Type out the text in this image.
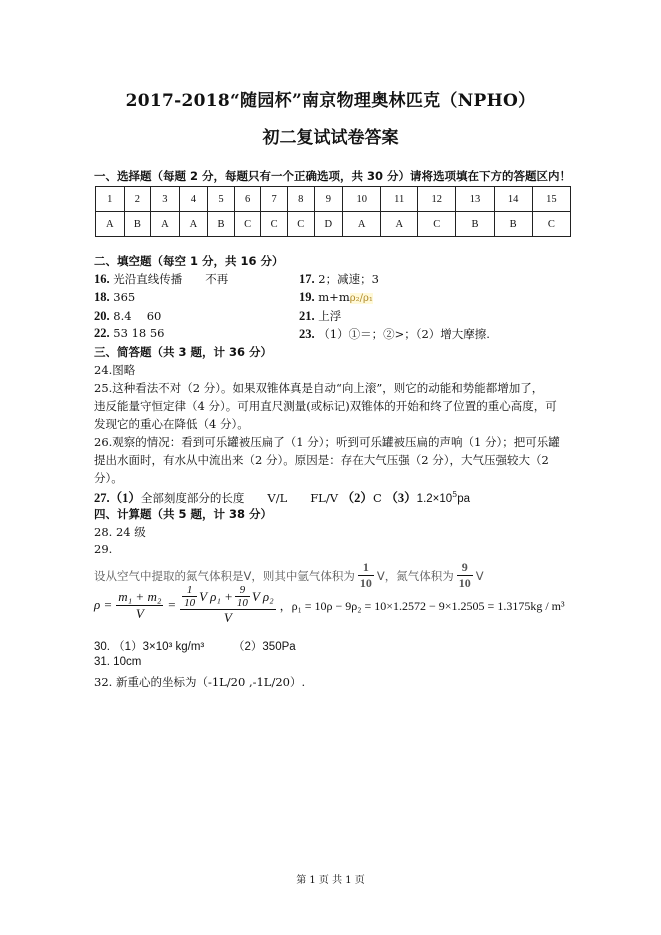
2017-2018“随园杯”南京物理奥林匹克（NPHO）
初二复试试卷答案
一、选择题（每题 2 分，每题只有一个正确选项，共 30 分）请将选项填在下方的答题区内！
1	2	3	4	5	6	7	8	9	10	11	12	13	14	15
A	B	A	A	B	C	C	C	D	A	A	C	B	B	C
二、填空题（每空 1 分，共 16 分）
16. 光沿直线传播　　不再	17. 2；减速；3
18. 365	19. m+mρ₂/ρ₁
20. 8.4　 60	21. 上浮
22. 53 18 56	23. （1）①＝；②>；（2）增大摩擦.
三、简答题（共 3 题，计 36 分）
24.图略
25.这种看法不对（2 分）。如果双锥体真是自动“向上滚”，则它的动能和势能都增加了，
违反能量守恒定律（4 分）。可用直尺测量(或标记)双锥体的开始和终了位置的重心高度，可
发现它的重心在降低（4 分）。
26.观察的情况：看到可乐罐被压扁了（1 分）；听到可乐罐被压扁的声响（1 分）；把可乐罐
提出水面时，有水从中流出来（2 分）。原因是：存在大气压强（2 分），大气压强较大（2
分）。
27.（1）全部刻度部分的长度　　V/L　　FL/V （2）C $(3)1.2\times 10^5pa$
四、计算题（共 5 题，计 38 分）
28. 24 级
29.
设从空气中提取的氮气体积是V，则其中氩气体积为 $\frac{1}{10}$ V，氮气体积为 $\frac{9}{10}$ V
$\rho = \frac{\text{m₁ + m₂}}{V} = \frac{1}{10}$ V $\rho_1 + \frac{9}{10}$ V ρ₂
V
，ρ₁ = 10ρ − 9ρ₂ = 10×1.2572 − 9×1.2505 = 1.3175kg / m³
30. （1）3×10³ kg/m³　　　（2）350Pa
31. 10cm
32. 新重心的坐标为（-1L/20 ,-1L/20）.
第 1 页 共 1 页
